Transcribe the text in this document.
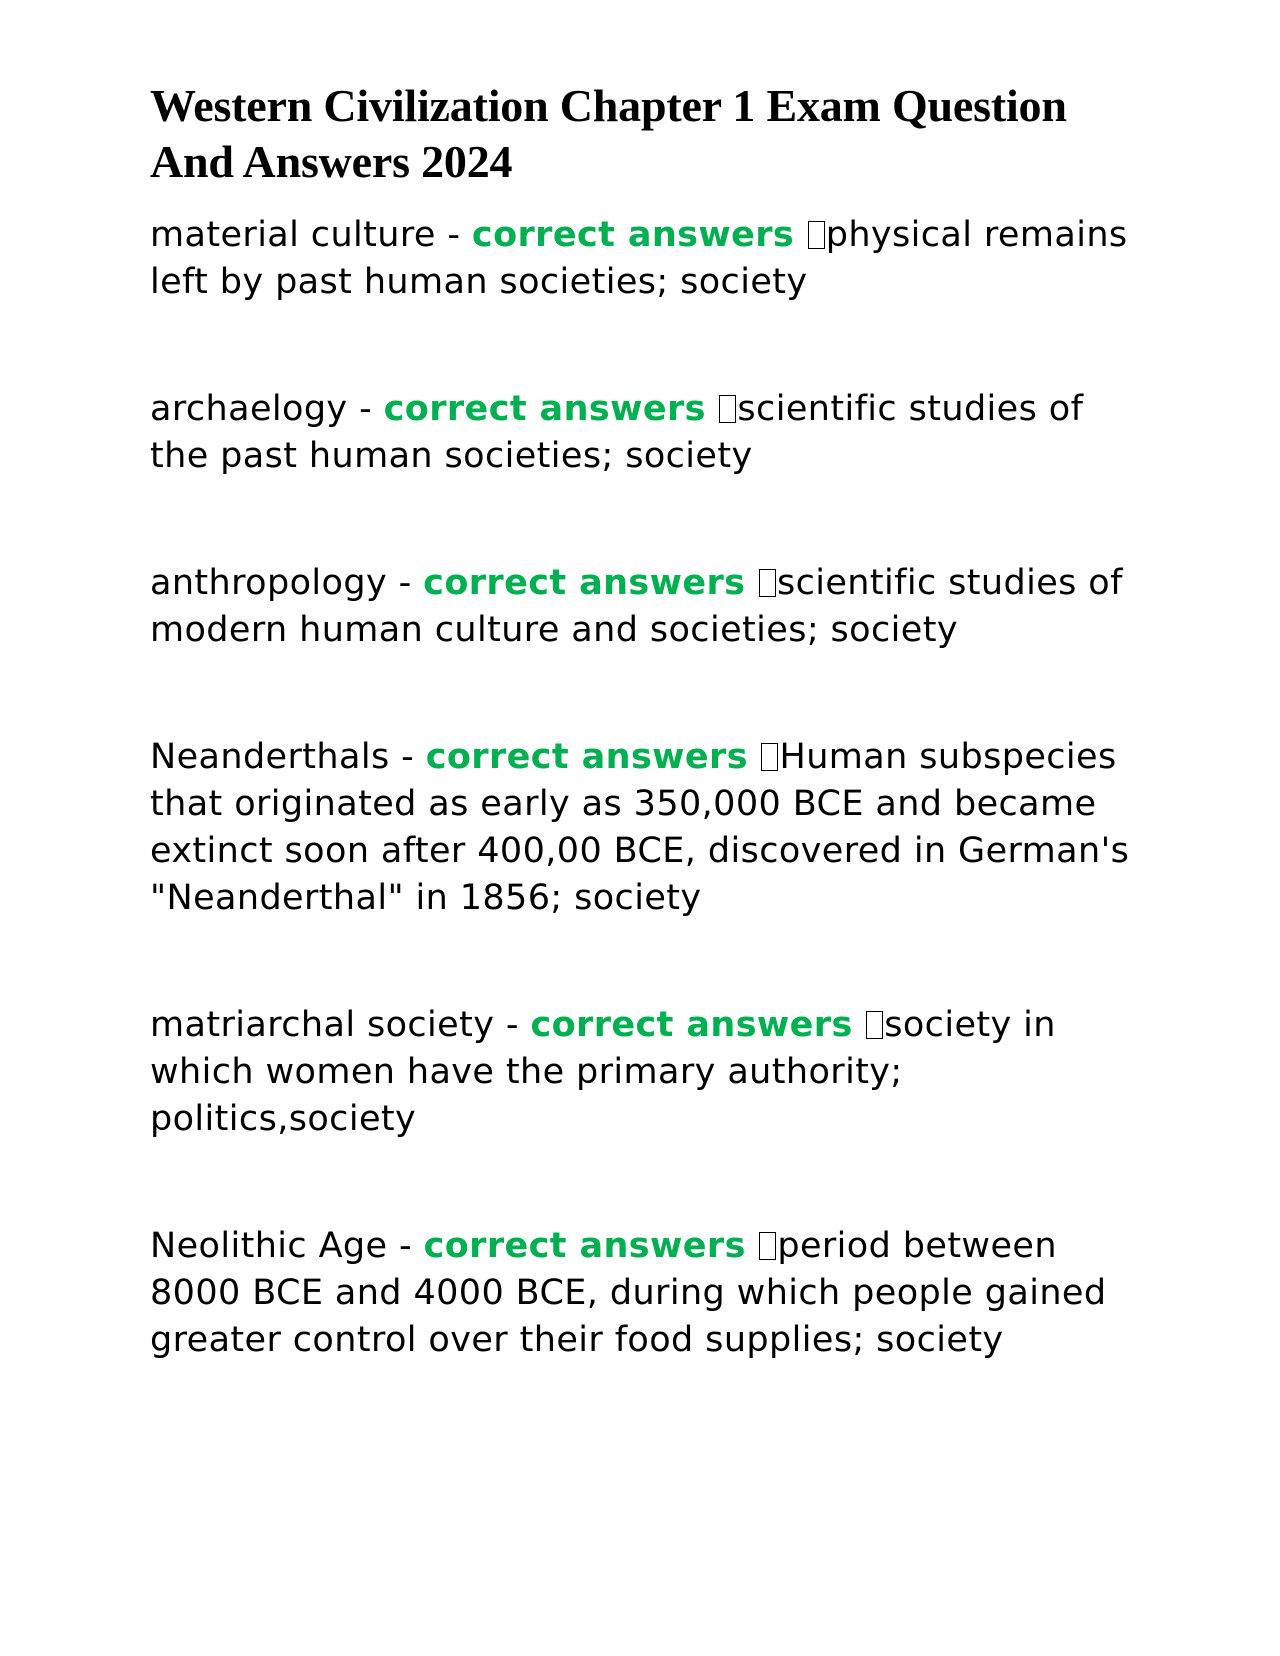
Western Civilization Chapter 1 Exam Question And Answers 2024
material culture - correct answers physical remains left by past human societies; society
archaelogy - correct answers scientific studies of the past human societies; society
anthropology - correct answers scientific studies of modern human culture and societies; society
Neanderthals - correct answers Human subspecies that originated as early as 350,000 BCE and became extinct soon after 400,00 BCE, discovered in German's "Neanderthal" in 1856; society
matriarchal society - correct answers society in which women have the primary authority; politics,society
Neolithic Age - correct answers period between 8000 BCE and 4000 BCE, during which people gained greater control over their food supplies; society
